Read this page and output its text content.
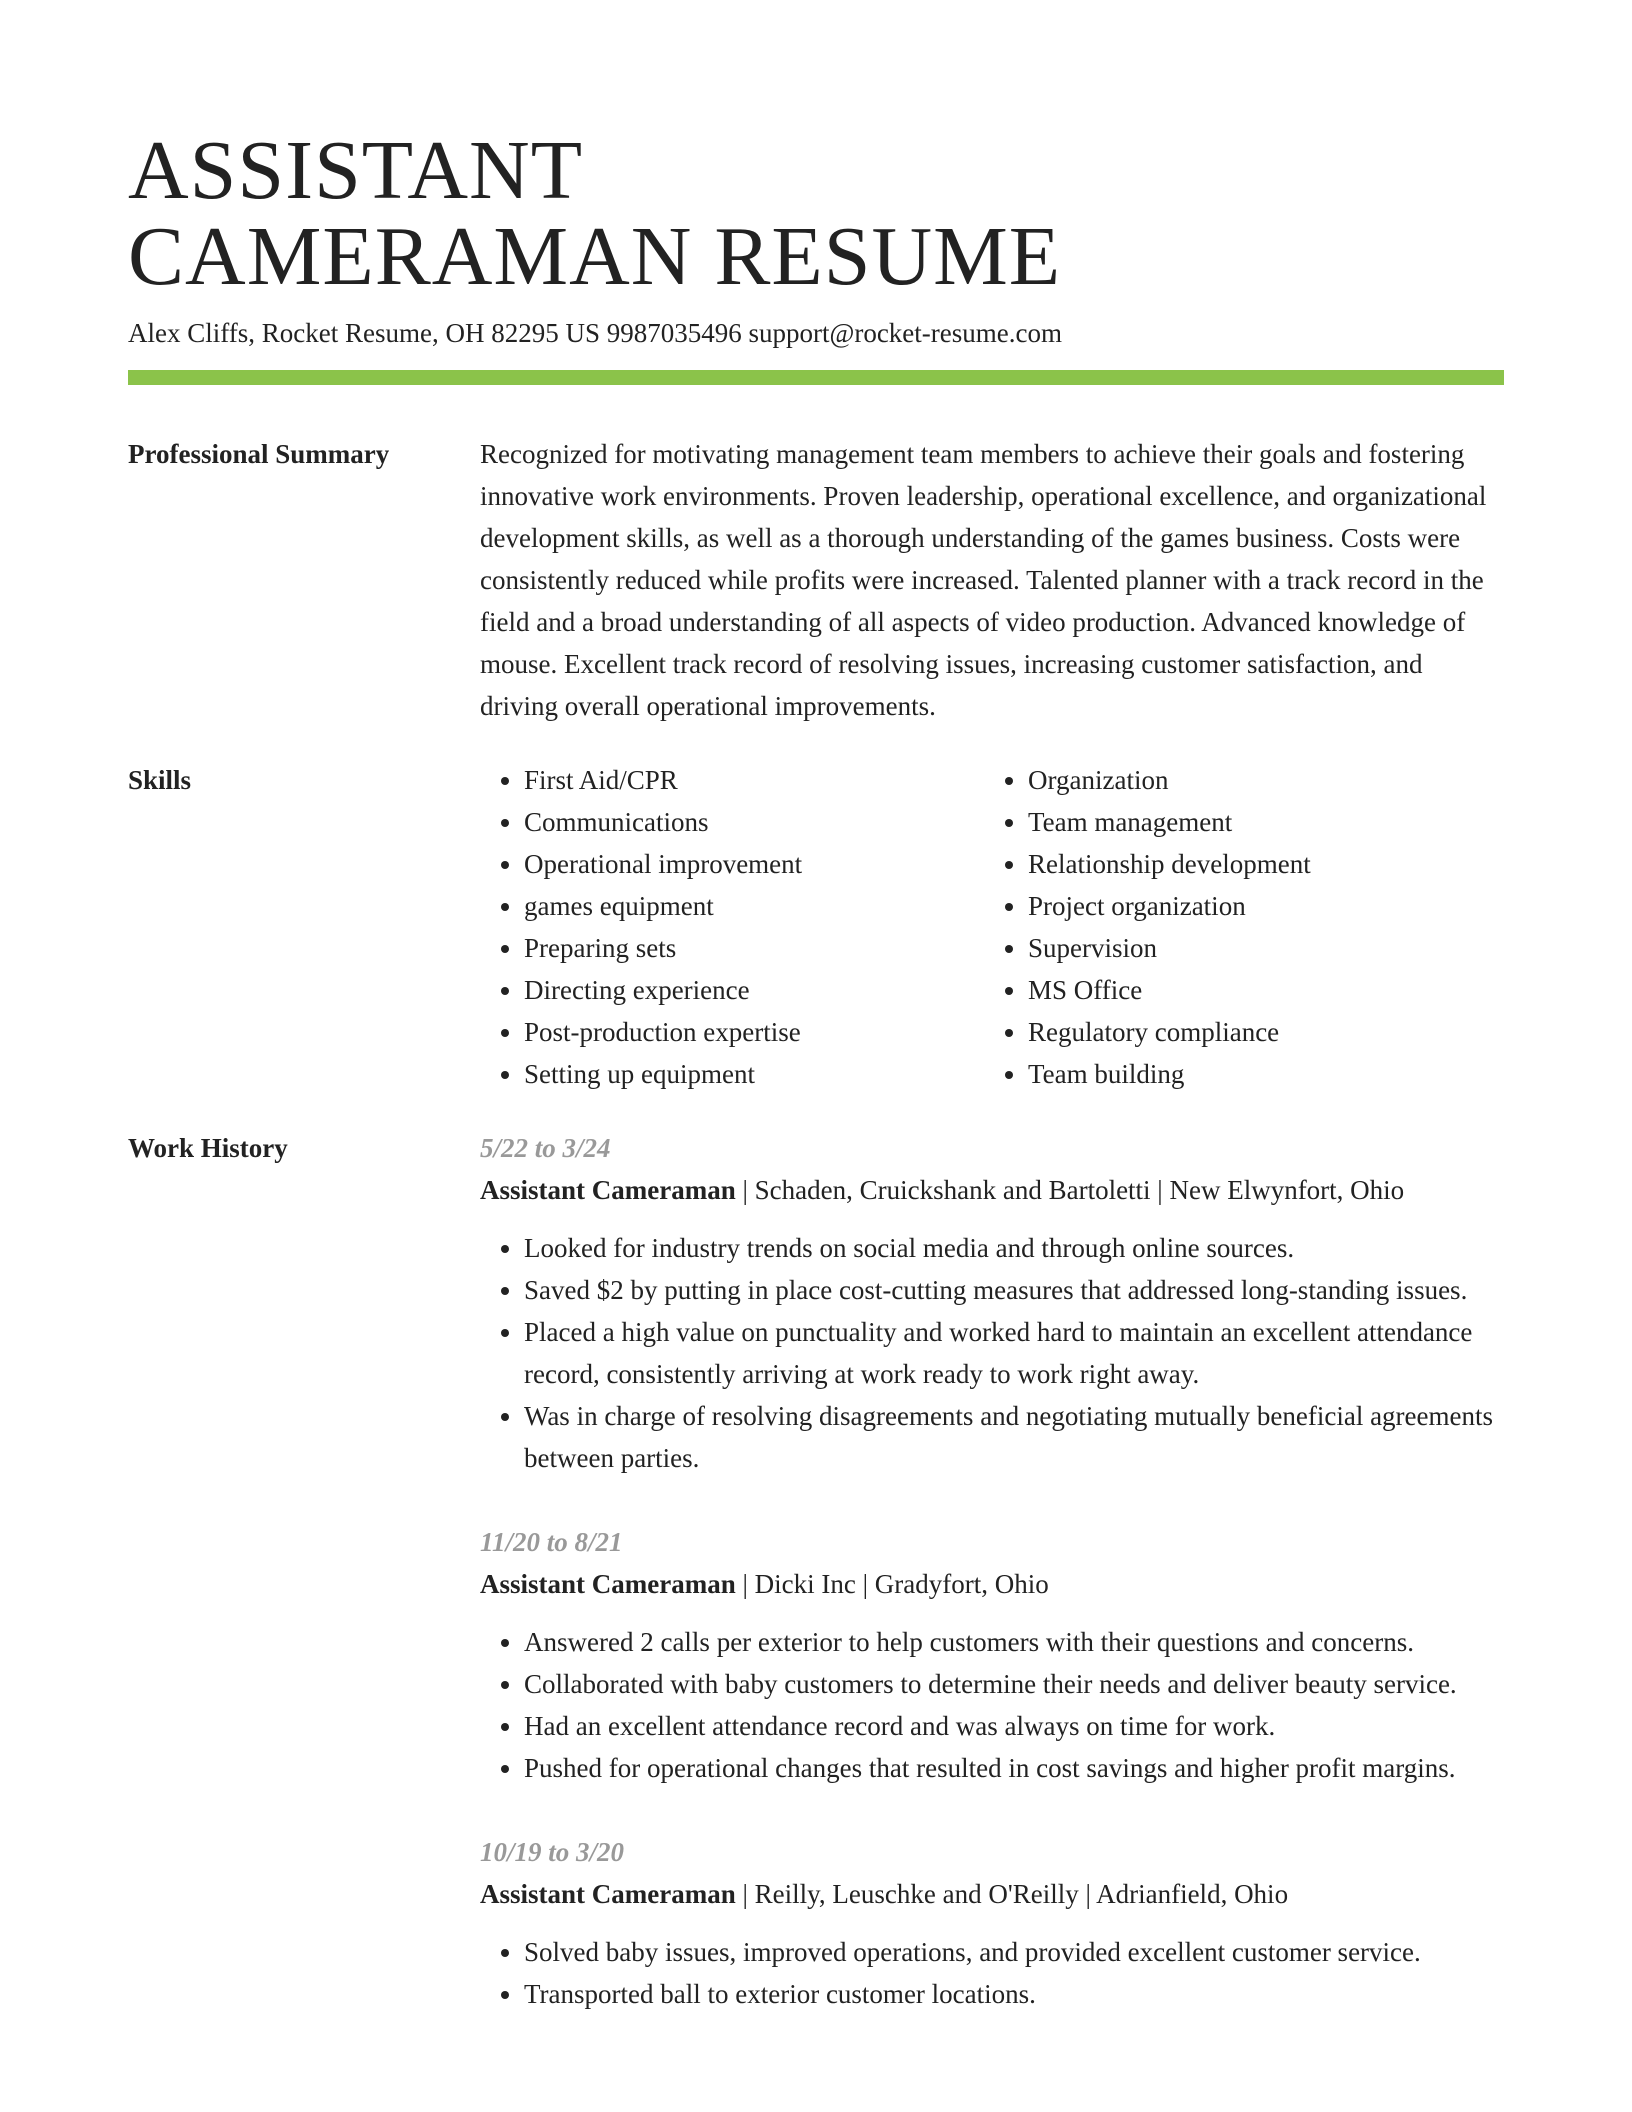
ASSISTANT
CAMERAMAN RESUME
Alex Cliffs, Rocket Resume, OH 82295 US 9987035496 support@rocket-resume.com
Professional Summary	Recognized for motivating management team members to achieve their goals and fostering innovative work environments. Proven leadership, operational excellence, and organizational development skills, as well as a thorough understanding of the games business. Costs were consistently reduced while profits were increased. Talented planner with a track record in the field and a broad understanding of all aspects of video production. Advanced knowledge of mouse. Excellent track record of resolving issues, increasing customer satisfaction, and driving overall operational improvements.

Skills
•	First Aid/CPR
• Communications
• Operational improvement
• games equipment
• Preparing sets
• Directing experience
• Post-production expertise
• Setting up equipment
• Organization
• Team management
• Relationship development
• Project organization
• Supervision
• MS Office
• Regulatory compliance
• Team building
Work History	5/22 to 3/24
Assistant Cameraman | Schaden, Cruickshank and Bartoletti | New Elwynfort, Ohio
• Looked for industry trends on social media and through online sources.
• Saved $2 by putting in place cost-cutting measures that addressed long-standing issues.
• Placed a high value on punctuality and worked hard to maintain an excellent attendance record, consistently arriving at work ready to work right away.
• Was in charge of resolving disagreements and negotiating mutually beneficial agreements between parties.
11/20 to 8/21
Assistant Cameraman | Dicki Inc | Gradyfort, Ohio
• Answered 2 calls per exterior to help customers with their questions and concerns.
• Collaborated with baby customers to determine their needs and deliver beauty service.
• Had an excellent attendance record and was always on time for work.
• Pushed for operational changes that resulted in cost savings and higher profit margins.
10/19 to 3/20
Assistant Cameraman | Reilly, Leuschke and O'Reilly | Adrianfield, Ohio
• Solved baby issues, improved operations, and provided excellent customer service.
• Transported ball to exterior customer locations.
